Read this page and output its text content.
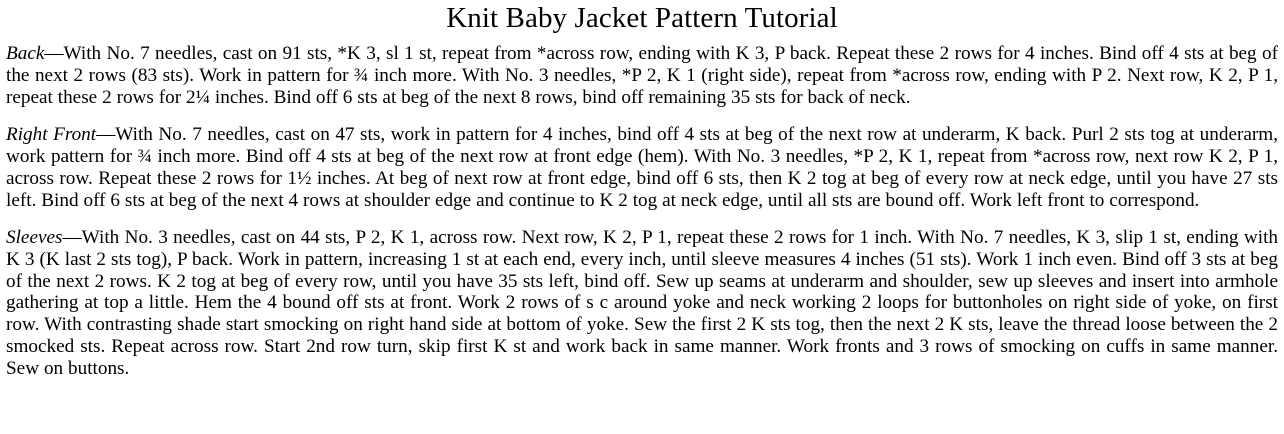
Knit Baby Jacket Pattern Tutorial

Back—With No. 7 needles, cast on 91 sts, *K 3, sl 1 st, repeat from *across row, ending with K 3, P back. Repeat these 2 rows for 4 inches. Bind off 4 sts at beg of the next 2 rows (83 sts). Work in pattern for ¾ inch more. With No. 3 needles, *P 2, K 1 (right side), repeat from *across row, ending with P 2. Next row, K 2, P 1, repeat these 2 rows for 2¼ inches. Bind off 6 sts at beg of the next 8 rows, bind off remaining 35 sts for back of neck.

Right Front—With No. 7 needles, cast on 47 sts, work in pattern for 4 inches, bind off 4 sts at beg of the next row at underarm, K back. Purl 2 sts tog at underarm, work pattern for ¾ inch more. Bind off 4 sts at beg of the next row at front edge (hem). With No. 3 needles, *P 2, K 1, repeat from *across row, next row K 2, P 1, across row. Repeat these 2 rows for 1½ inches. At beg of next row at front edge, bind off 6 sts, then K 2 tog at beg of every row at neck edge, until you have 27 sts left. Bind off 6 sts at beg of the next 4 rows at shoulder edge and continue to K 2 tog at neck edge, until all sts are bound off. Work left front to correspond.

Sleeves—With No. 3 needles, cast on 44 sts, P 2, K 1, across row. Next row, K 2, P 1, repeat these 2 rows for 1 inch. With No. 7 needles, K 3, slip 1 st, ending with K 3 (K last 2 sts tog), P back. Work in pattern, increasing 1 st at each end, every inch, until sleeve measures 4 inches (51 sts). Work 1 inch even. Bind off 3 sts at beg of the next 2 rows. K 2 tog at beg of every row, until you have 35 sts left, bind off. Sew up seams at underarm and shoulder, sew up sleeves and insert into armhole gathering at top a little. Hem the 4 bound off sts at front. Work 2 rows of s c around yoke and neck working 2 loops for buttonholes on right side of yoke, on first row. With contrasting shade start smocking on right hand side at bottom of yoke. Sew the first 2 K sts tog, then the next 2 K sts, leave the thread loose between the 2 smocked sts. Repeat across row. Start 2nd row turn, skip first K st and work back in same manner. Work fronts and 3 rows of smocking on cuffs in same manner. Sew on buttons.
